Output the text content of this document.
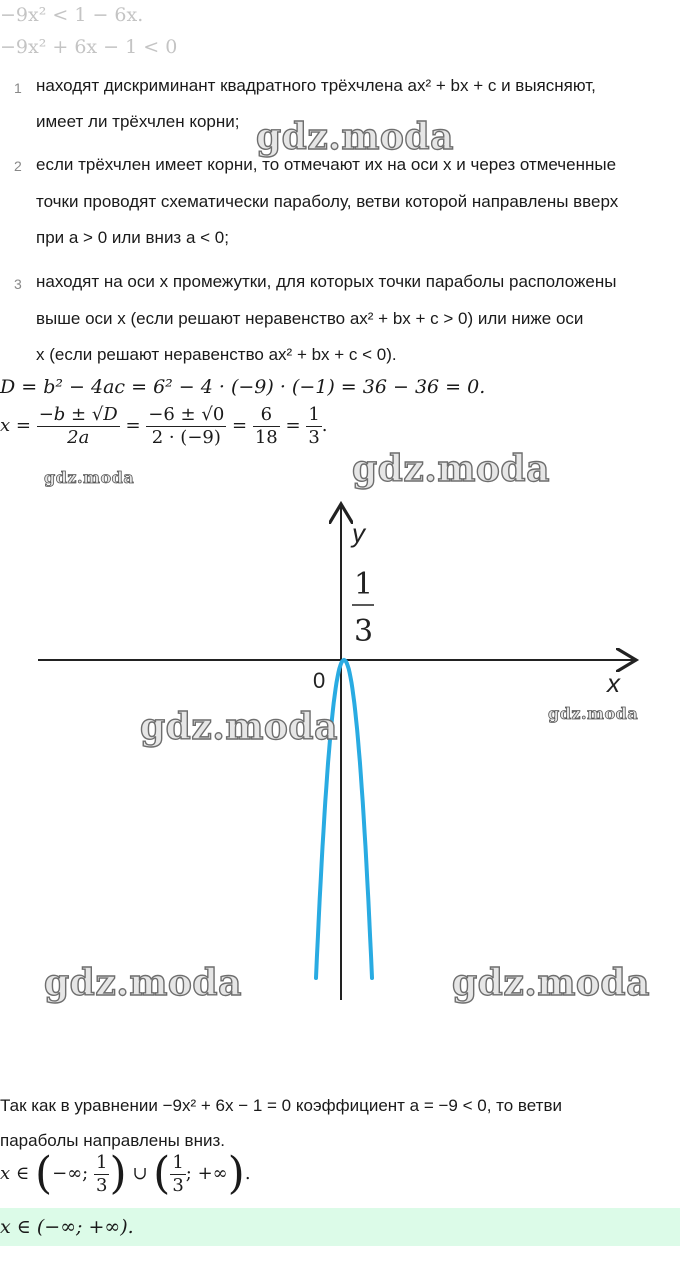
−9x² < 1 − 6x.
−9x² + 6x − 1 < 0
1 находят дискриминант квадратного трёхчлена ax² + bx + c и выясняют,
имеет ли трёхчлен корни;
2 если трёхчлен имеет корни, то отмечают их на оси x и через отмеченные
точки проводят схематически параболу, ветви которой направлены вверх
при a > 0 или вниз a < 0;
3 находят на оси x промежутки, для которых точки параболы расположены
выше оси x (если решают неравенство ax² + bx + c > 0) или ниже оси
x (если решают неравенство ax² + bx + c < 0).
D = b² − 4ac = 6² − 4 · (−9) · (−1) = 36 − 36 = 0.
$x = \frac{-b \pm √D}{2a} = \frac{-6 \pm √0}{2 \cdot (-9)} = \frac{6}{18} = \frac{1}{3}$ .
y
x
0
1
3
Так как в уравнении −9x² + 6x − 1 = 0 коэффициент a = −9 < 0, то ветви
параболы направлены вниз.
x ∈ (−∞; $\frac{1}{3}$ ) ∪ ( $\frac{1}{3}$ ; +∞).
x ∈ (−∞; +∞).
gdz.moda
gdz.moda
gdz.moda
gdz.moda	gdz.moda
gdz.moda	gdz.moda
